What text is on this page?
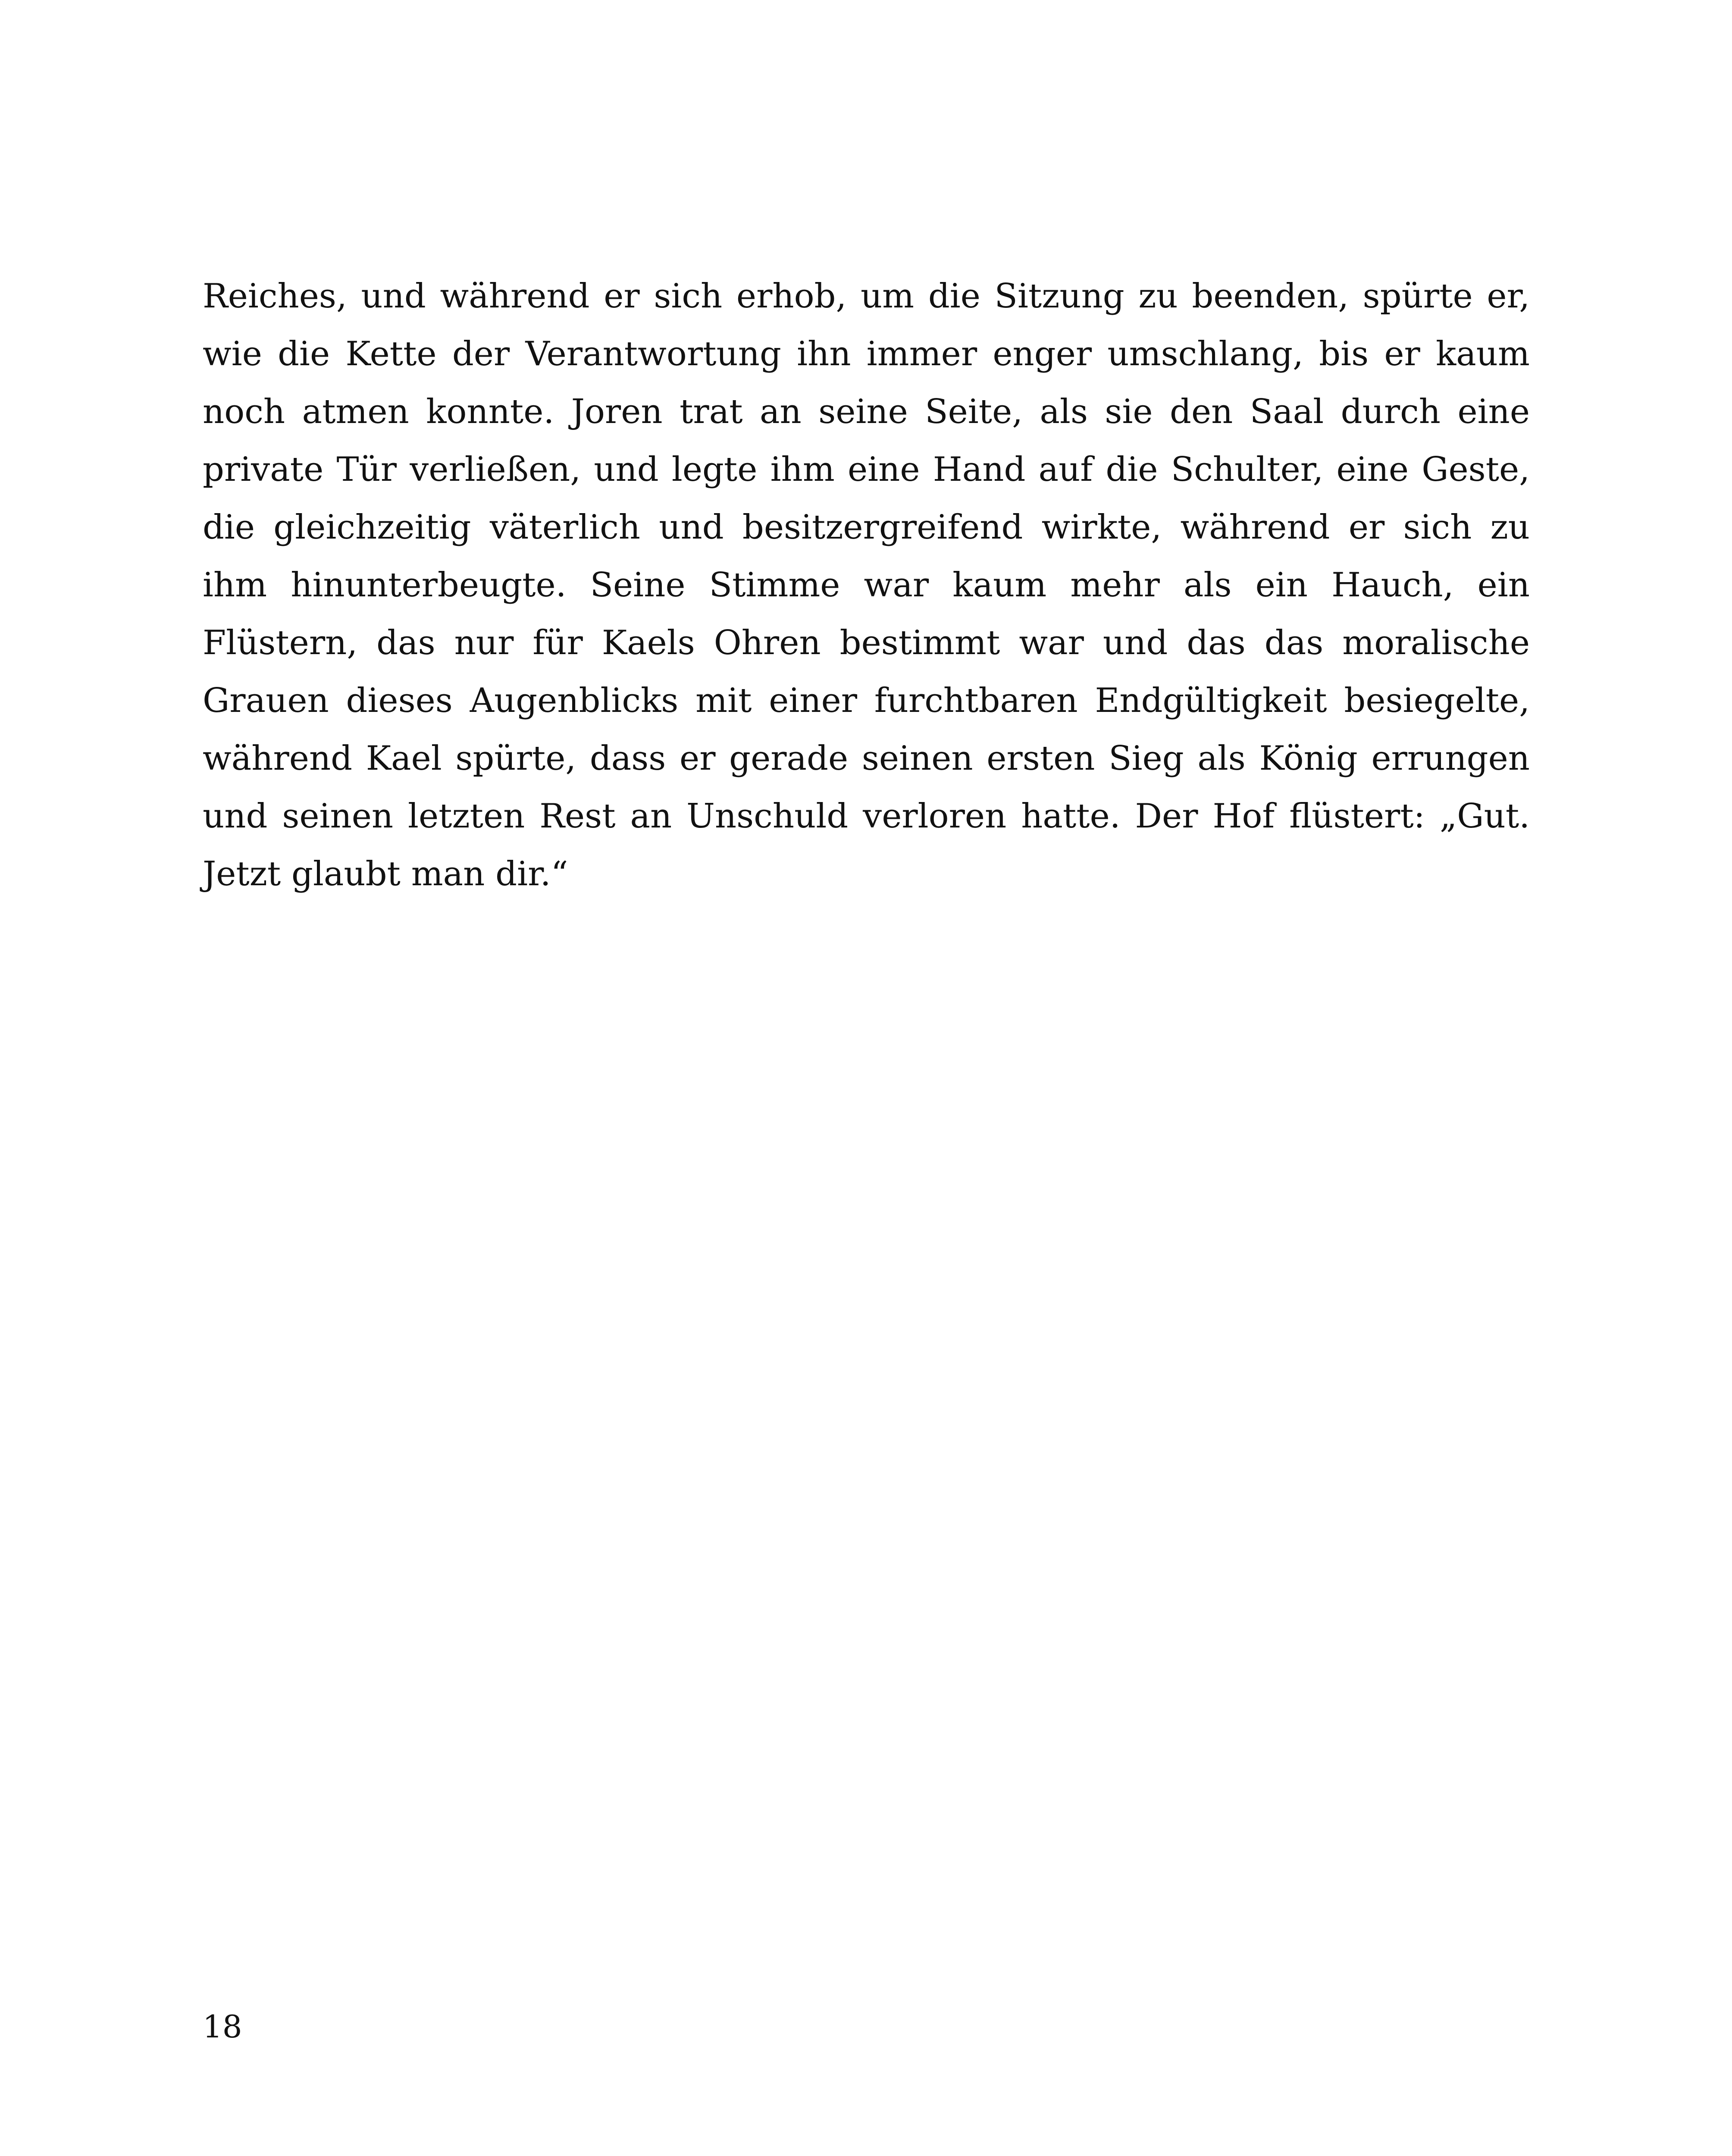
Reiches, und während er sich erhob, um die Sitzung zu beenden, spürte er, wie die Kette der Verantwortung ihn immer enger umschlang, bis er kaum noch atmen konnte. Joren trat an seine Seite, als sie den Saal durch eine private Tür verließen, und legte ihm eine Hand auf die Schulter, eine Geste, die gleichzeitig väterlich und besitzergreifend wirkte, während er sich zu ihm hinunterbeugte. Seine Stimme war kaum mehr als ein Hauch, ein Flüstern, das nur für Kaels Ohren bestimmt war und das das moralische Grauen dieses Augenblicks mit einer furchtbaren Endgültigkeit besiegelte, während Kael spürte, dass er gerade seinen ersten Sieg als König errungen und seinen letzten Rest an Unschuld verloren hatte. Der Hof flüstert: „Gut. Jetzt glaubt man dir.“

18
